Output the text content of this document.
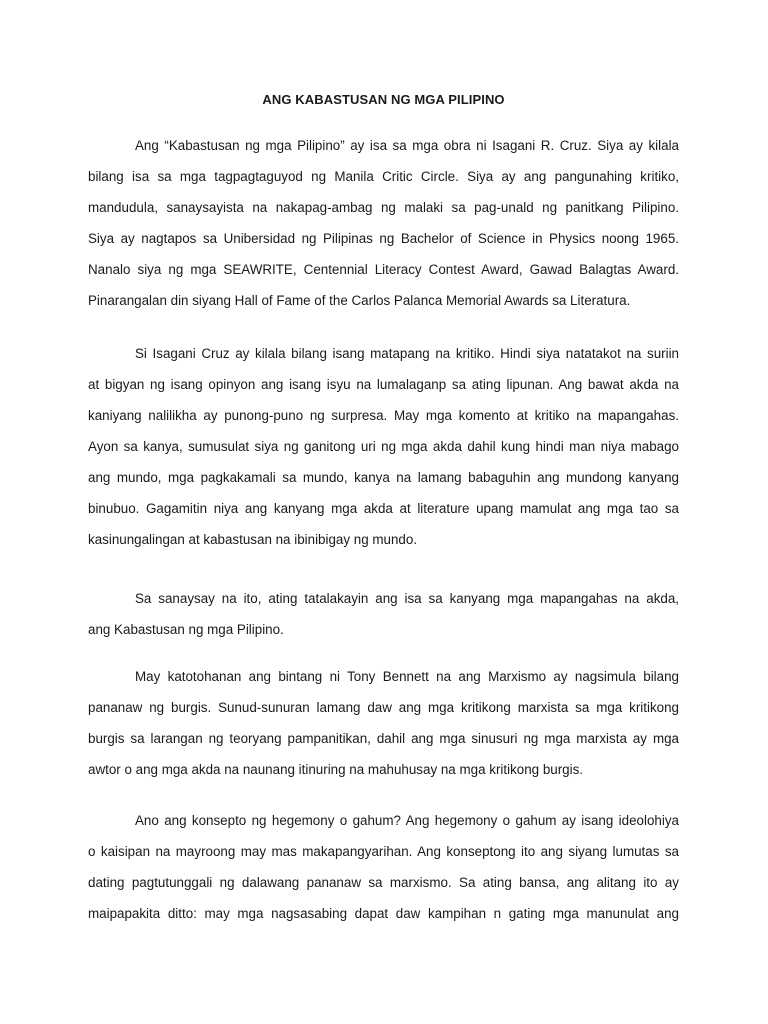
ANG KABASTUSAN NG MGA PILIPINO
Ang “Kabastusan ng mga Pilipino” ay isa sa mga obra ni Isagani R. Cruz. Siya ay kilala
bilang isa sa mga tagpagtaguyod ng Manila Critic Circle. Siya ay ang pangunahing kritiko,
mandudula, sanaysayista na nakapag-ambag ng malaki sa pag-unald ng panitkang Pilipino.
Siya ay nagtapos sa Unibersidad ng Pilipinas ng Bachelor of Science in Physics noong 1965.
Nanalo siya ng mga SEAWRITE, Centennial Literacy Contest Award, Gawad Balagtas Award.
Pinarangalan din siyang Hall of Fame of the Carlos Palanca Memorial Awards sa Literatura.
Si Isagani Cruz ay kilala bilang isang matapang na kritiko. Hindi siya natatakot na suriin
at bigyan ng isang opinyon ang isang isyu na lumalaganp sa ating lipunan. Ang bawat akda na
kaniyang nalilikha ay punong-puno ng surpresa. May mga komento at kritiko na mapangahas.
Ayon sa kanya, sumusulat siya ng ganitong uri ng mga akda dahil kung hindi man niya mabago
ang mundo, mga pagkakamali sa mundo, kanya na lamang babaguhin ang mundong kanyang
binubuo. Gagamitin niya ang kanyang mga akda at literature upang mamulat ang mga tao sa
kasinungalingan at kabastusan na ibinibigay ng mundo.
Sa sanaysay na ito, ating tatalakayin ang isa sa kanyang mga mapangahas na akda,
ang Kabastusan ng mga Pilipino.
May katotohanan ang bintang ni Tony Bennett na ang Marxismo ay nagsimula bilang
pananaw ng burgis. Sunud-sunuran lamang daw ang mga kritikong marxista sa mga kritikong
burgis sa larangan ng teoryang pampanitikan, dahil ang mga sinusuri ng mga marxista ay mga
awtor o ang mga akda na naunang itinuring na mahuhusay na mga kritikong burgis.
Ano ang konsepto ng hegemony o gahum? Ang hegemony o gahum ay isang ideolohiya
o kaisipan na mayroong may mas makapangyarihan. Ang konseptong ito ang siyang lumutas sa
dating pagtutunggali ng dalawang pananaw sa marxismo. Sa ating bansa, ang alitang ito ay
maipapakita ditto: may mga nagsasabing dapat daw kampihan n gating mga manunulat ang
